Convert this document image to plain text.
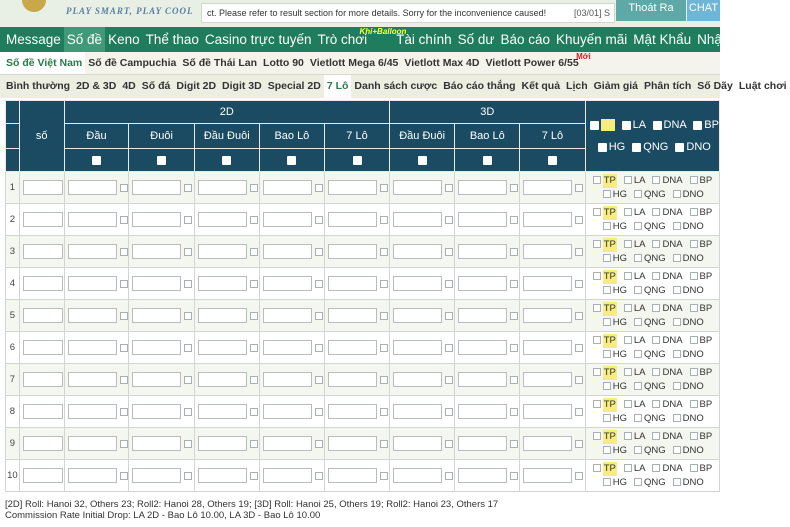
PLAY SMART, PLAY COOL	ct. Please refer to result section for more details. Sorry for the inconvenience caused!	[03/01] S	Thoát Ra	CHAT
Message Số đề Keno Thể thao Casino trực tuyến Trò chơi
Khi+Balloon
Tài chính Số dư Báo cáo Khuyến mãi Mật Khẩu Nhật ký
Số đề Việt Nam Số đề Campuchia Số đề Thái Lan Lotto 90 Vietlott Mega 6/45 Vietlott Max 4D Vietlott Power 6/55
Mới
Bình thường 2D & 3D 4D Số đá Digit 2D Digit 3D Special 2D 7 Lô Danh sách cược Báo cáo thắng Kết quả Lịch Giảm giá Phân tích Số Dãy Luật chơi
	số	2D					3D			TP LA DNA BP
HG QNG DNO

		Đầu	Đuôi	Đầu Đuôi	Bao Lô	7 Lô	Đầu Đuôi	Bao Lô	7 Lô	

1										TP LA DNA BP
HG QNG DNO

2										TP LA DNA BP
HG QNG DNO

3										TP LA DNA BP
HG QNG DNO

4										TP LA DNA BP
HG QNG DNO

5										TP LA DNA BP
HG QNG DNO

6										TP LA DNA BP
HG QNG DNO

7										TP LA DNA BP
HG QNG DNO

8										TP LA DNA BP
HG QNG DNO

9										TP LA DNA BP
HG QNG DNO

10										TP LA DNA BP
HG QNG DNO
[2D] Roll: Hanoi 32, Others 23; Roll2: Hanoi 28, Others 19; [3D] Roll: Hanoi 25, Others 19; Roll2: Hanoi 23, Others 17
Commission Rate Initial Drop: LA 2D - Bao Lô 10.00, LA 3D - Bao Lô 10.00
